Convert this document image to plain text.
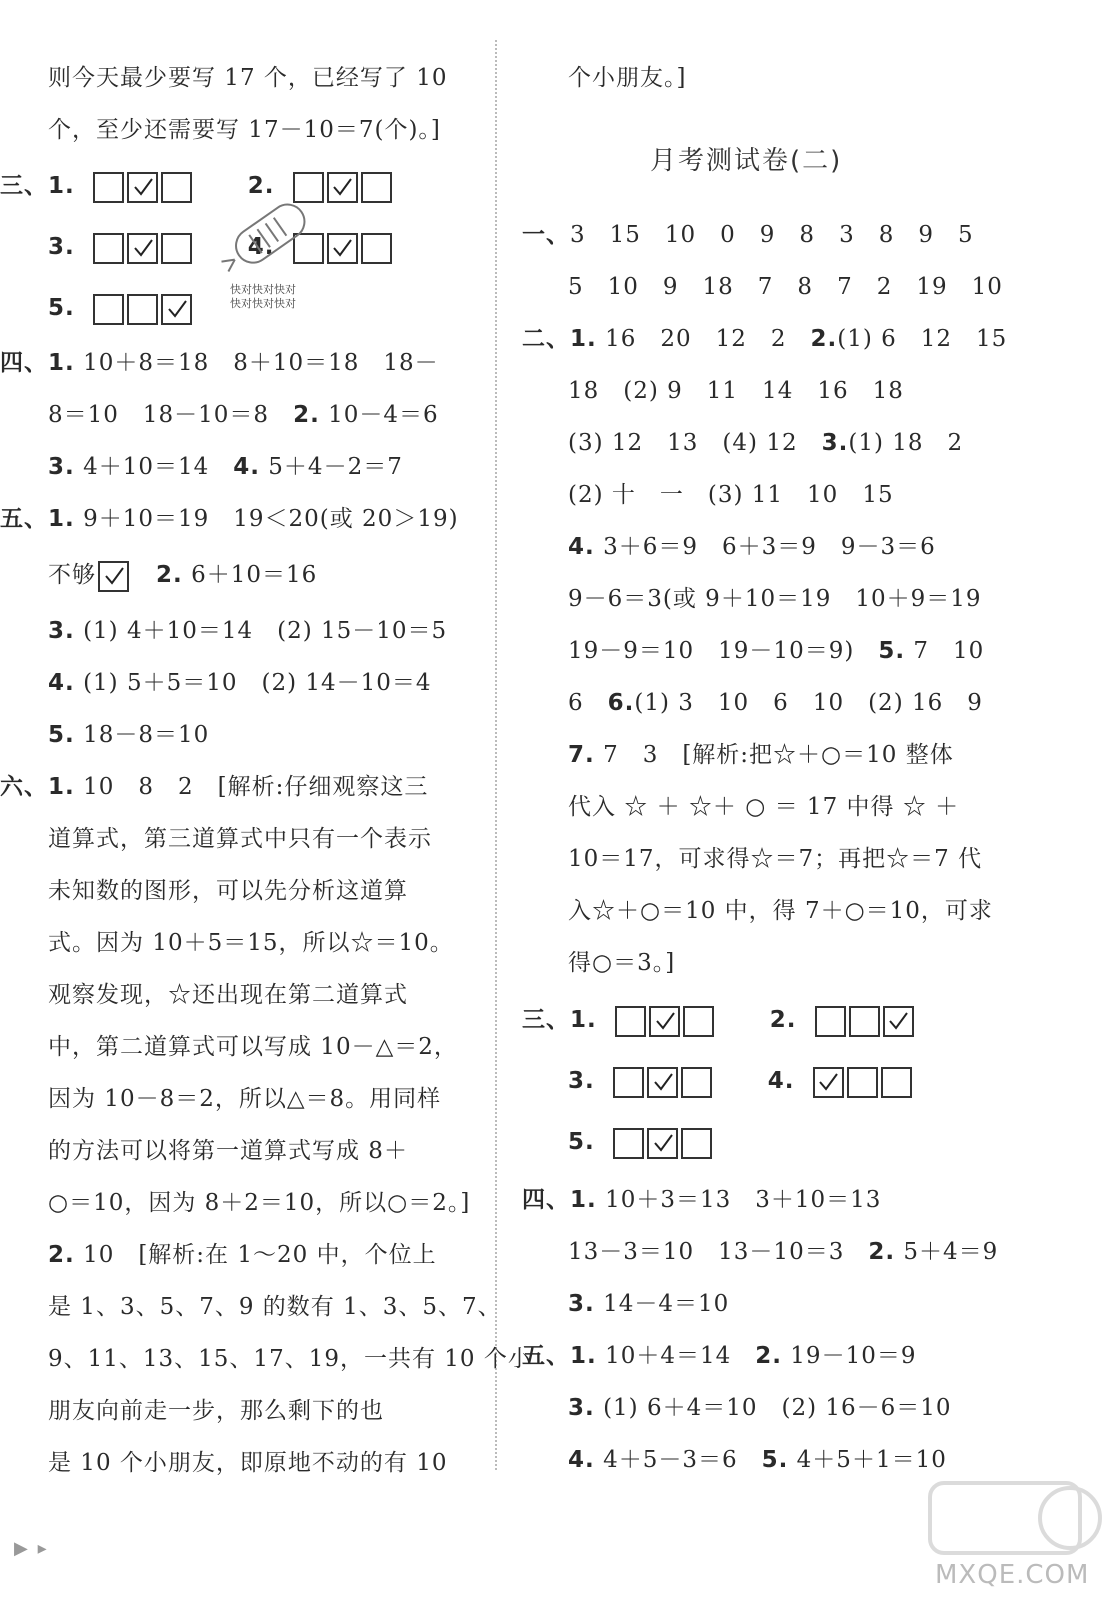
则今天最少要写 17 个，已经写了 10
个，至少还需要写 17－10＝7(个)。]
三、1.	2.
3.	4.
5.
快对快对快对
快对快对快对
四、1. 10＋8＝18　8＋10＝18　18－
8＝10　18－10＝8　 2. 10－4＝6
3. 4＋10＝14　 4. 5＋4－2＝7
五、1. 9＋10＝19　19＜20(或 20＞19)
不够
　	2. 6＋10＝16
3. (1) 4＋10＝14　(2) 15－10＝5
4. (1) 5＋5＝10　(2) 14－10＝4
5. 18－8＝10
六、1. 10　8　2　[解析:仔细观察这三
道算式，第三道算式中只有一个表示
未知数的图形，可以先分析这道算
式。因为 10＋5＝15，所以☆＝10。
观察发现，☆还出现在第二道算式
中，第二道算式可以写成 10－△＝2，
因为 10－8＝2，所以△＝8。用同样
的方法可以将第一道算式写成 8＋
○＝10，因为 8＋2＝10，所以○＝2。]
2. 10　[解析:在 1～20 中，个位上
是 1、3、5、7、9 的数有 1、3、5、7、
9、11、13、15、17、19，一共有 10 个小
朋友向前走一步，那么剩下的也
是 10 个小朋友，即原地不动的有 10
个小朋友。]
月考测试卷(二)
一、3　15　10　0　9　8　3　8　9　5
5　10　9　18　7　8　7　2　19　10
二、1. 16　20　12　2　 2.(1) 6　12　15
18　(2) 9　11　14　16　18
(3) 12　13　(4) 12　 3.(1) 18　2
(2) 十　一　(3) 11　10　15
4. 3＋6＝9　6＋3＝9　9－3＝6
9－6＝3(或 9＋10＝19　10＋9＝19
19－9＝10　19－10＝9)　 5. 7　10
6　 6.(1) 3　10　6　10　(2) 16　9
7. 7　3　[解析:把☆＋○＝10 整体
代入 ☆ ＋ ☆＋ ○ ＝ 17 中得 ☆ ＋
10＝17，可求得☆＝7；再把☆＝7 代
入☆＋○＝10 中，得 7＋○＝10，可求
得○＝3。]
三、1.	2.
3.	4.
5.
四、1. 10＋3＝13　3＋10＝13
13－3＝10　13－10＝3　 2. 5＋4＝9
3. 14－4＝10
五、1. 10＋4＝14　 2. 19－10＝9
3. (1) 6＋4＝10　(2) 16－6＝10
4. 4＋5－3＝6　 5. 4＋5＋1＝10
▶ ▸
MXQE.COM
